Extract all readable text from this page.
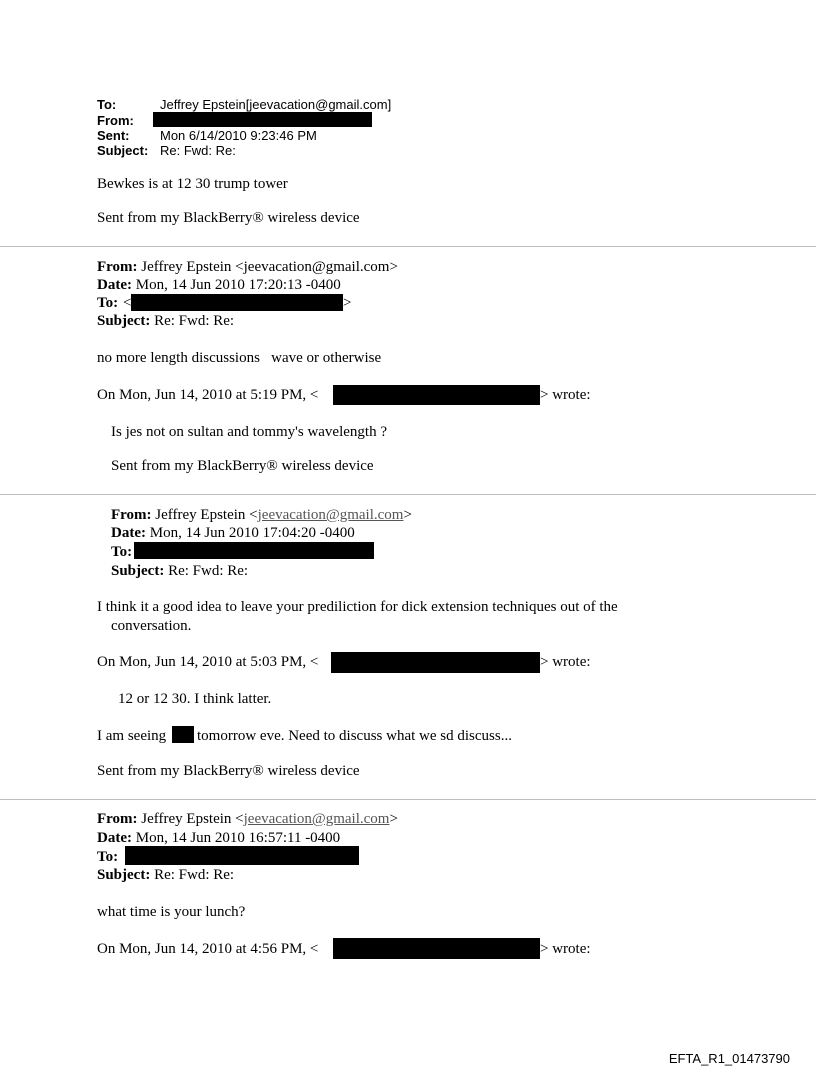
To:	Jeffrey Epstein[jeevacation@gmail.com]
From:
Sent: Mon 6/14/2010 9:23:46 PM
Subject: Re: Fwd: Re:
Bewkes is at 12 30 trump tower
Sent from my BlackBerry® wireless device
From: Jeffrey Epstein <jeevacation@gmail.com>
Date: Mon, 14 Jun 2010 17:20:13 -0400
To: <	>
Subject: Re: Fwd: Re:
no more length discussions   wave or otherwise
On Mon, Jun 14, 2010 at 5:19 PM, <	> wrote:
Is jes not on sultan and tommy's wavelength ?
Sent from my BlackBerry® wireless device
From: Jeffrey Epstein <jeevacation@gmail.com>
Date: Mon, 14 Jun 2010 17:04:20 -0400
To:
Subject: Re: Fwd: Re:
I think it a good idea to leave your prediliction for dick extension techniques out of the
conversation.
On Mon, Jun 14, 2010 at 5:03 PM, <	> wrote:
12 or 12 30. I think latter.
I am seeing tomorrow eve. Need to discuss what we sd discuss...
Sent from my BlackBerry® wireless device
From: Jeffrey Epstein <jeevacation@gmail.com>
Date: Mon, 14 Jun 2010 16:57:11 -0400
To:
Subject: Re: Fwd: Re:
what time is your lunch?
On Mon, Jun 14, 2010 at 4:56 PM, <	> wrote:
EFTA_R1_01473790
